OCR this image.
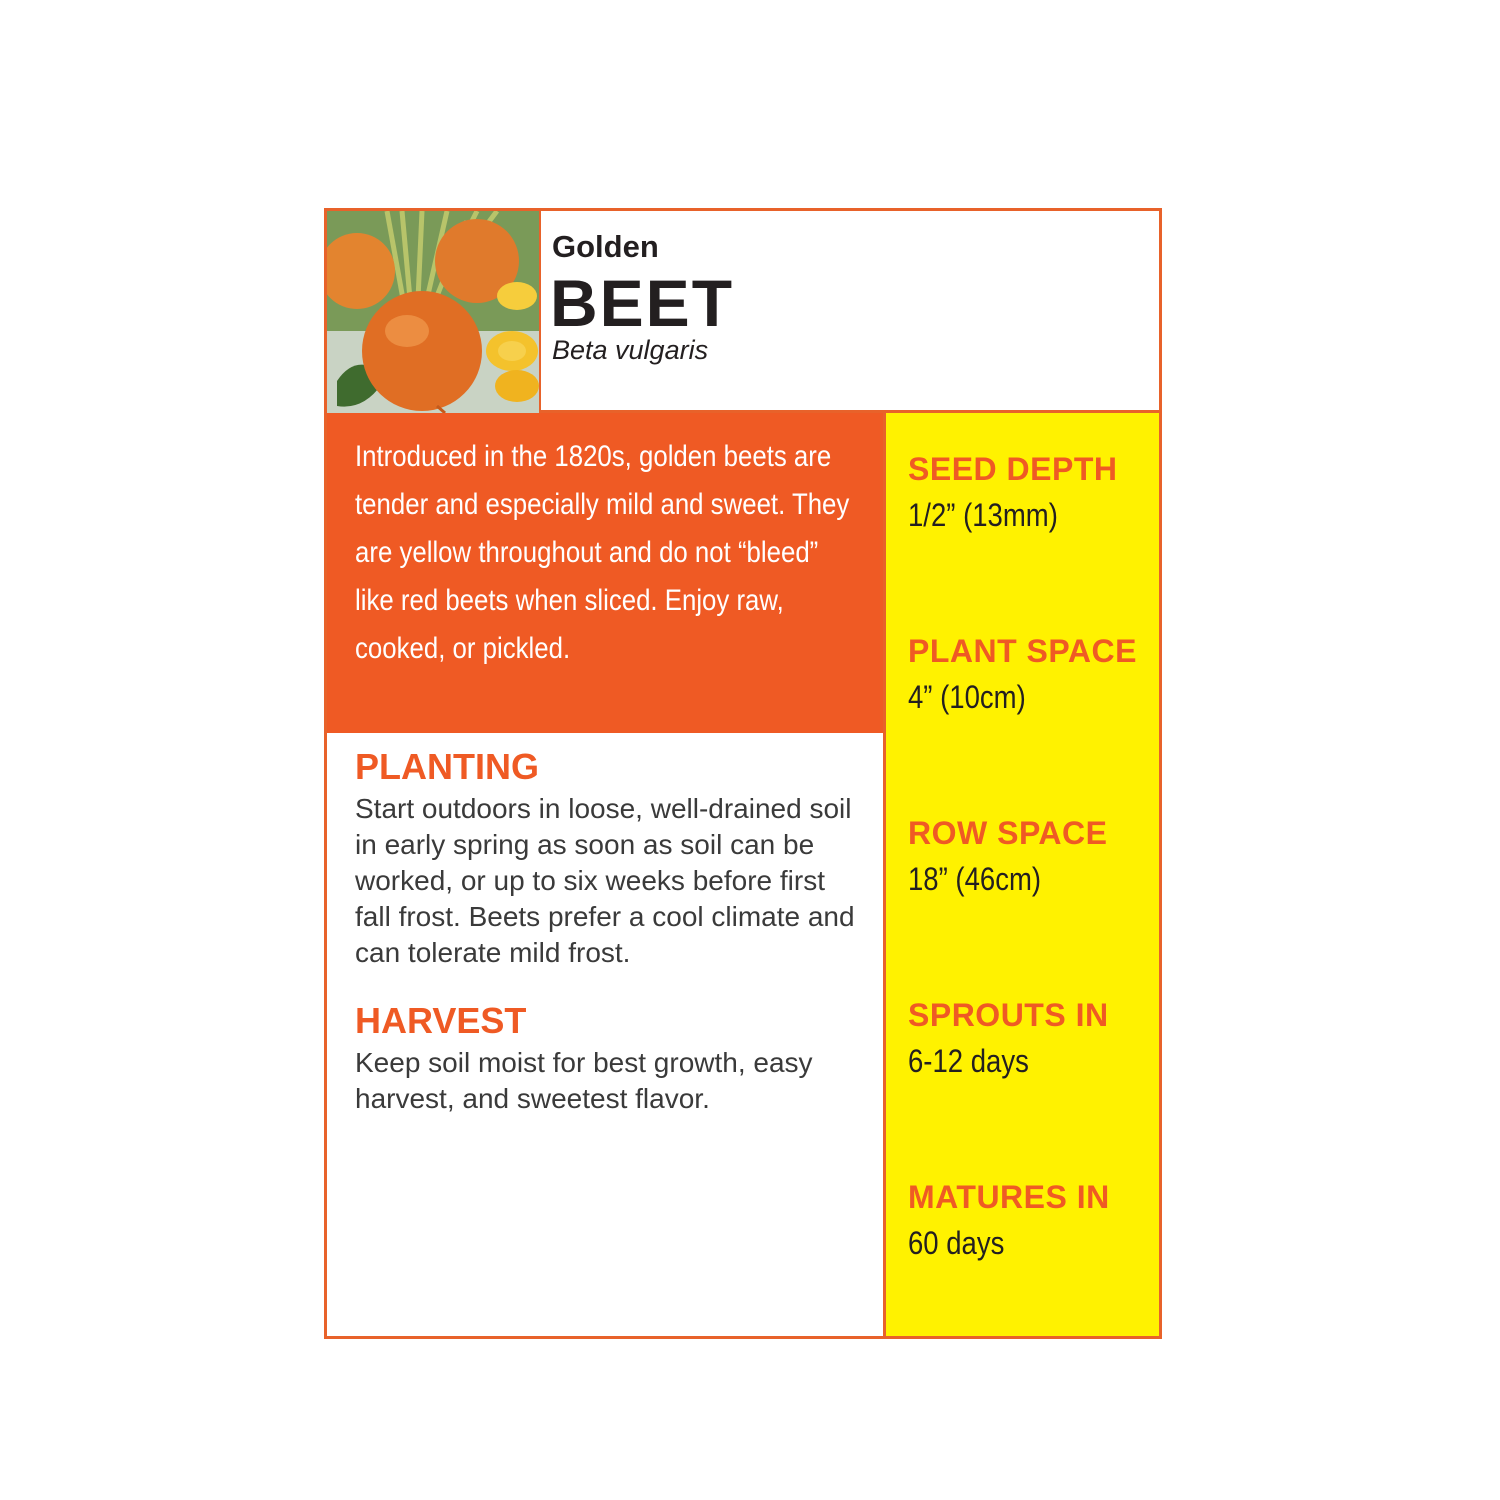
Golden

BEET

Beta vulgaris

Introduced in the 1820s, golden beets are tender and especially mild and sweet. They are yellow throughout and do not “bleed” like red beets when sliced. Enjoy raw, cooked, or pickled.

PLANTING

Start outdoors in loose, well-drained soil in early spring as soon as soil can be worked, or up to six weeks before first fall frost. Beets prefer a cool climate and can tolerate mild frost.

HARVEST

Keep soil moist for best growth, easy harvest, and sweetest flavor.

SEED DEPTH

1/2” (13mm)

PLANT SPACE

4” (10cm)

ROW SPACE

18” (46cm)

SPROUTS IN

6-12 days

MATURES IN

60 days
